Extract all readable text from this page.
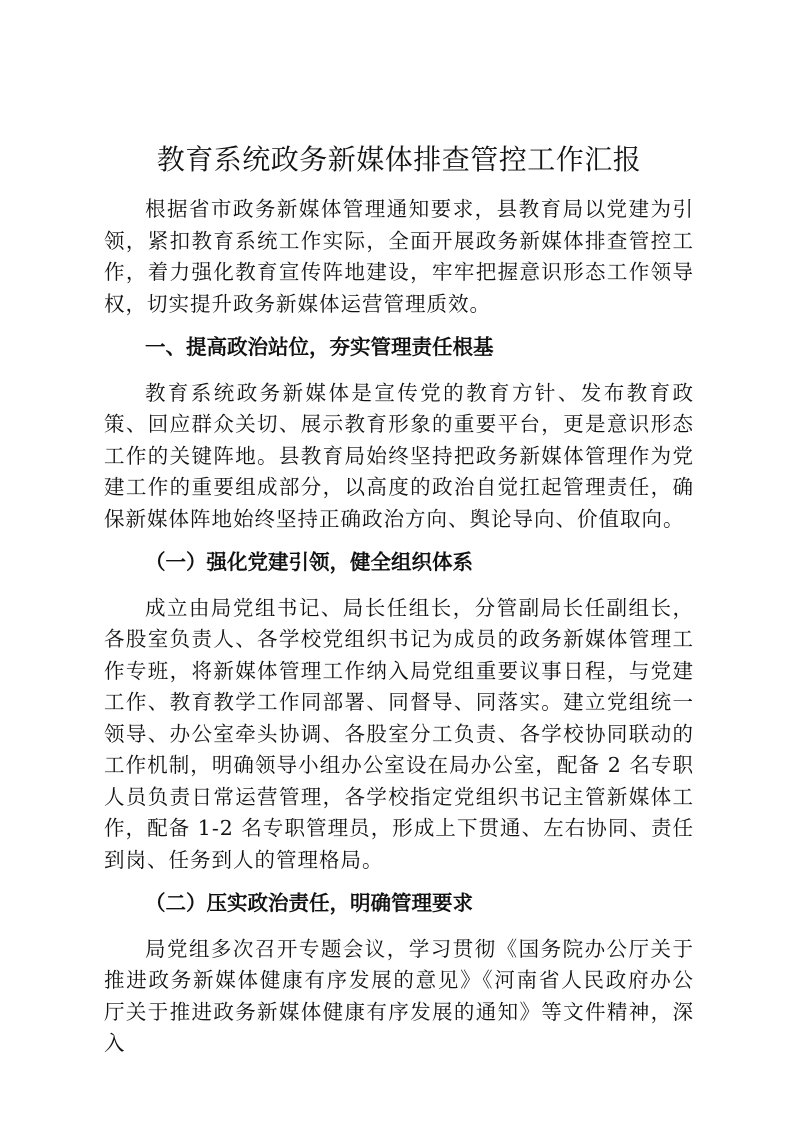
教育系统政务新媒体排查管控工作汇报

根据省市政务新媒体管理通知要求，县教育局以党建为引领，紧扣教育系统工作实际，全面开展政务新媒体排查管控工作，着力强化教育宣传阵地建设，牢牢把握意识形态工作领导权，切实提升政务新媒体运营管理质效。

一、提高政治站位，夯实管理责任根基

教育系统政务新媒体是宣传党的教育方针、发布教育政策、回应群众关切、展示教育形象的重要平台，更是意识形态工作的关键阵地。县教育局始终坚持把政务新媒体管理作为党建工作的重要组成部分，以高度的政治自觉扛起管理责任，确保新媒体阵地始终坚持正确政治方向、舆论导向、价值取向。

（一）强化党建引领，健全组织体系

成立由局党组书记、局长任组长，分管副局长任副组长，各股室负责人、各学校党组织书记为成员的政务新媒体管理工作专班，将新媒体管理工作纳入局党组重要议事日程，与党建工作、教育教学工作同部署、同督导、同落实。建立党组统一领导、办公室牵头协调、各股室分工负责、各学校协同联动的工作机制，明确领导小组办公室设在局办公室，配备 2 名专职人员负责日常运营管理，各学校指定党组织书记主管新媒体工作，配备 1-2 名专职管理员，形成上下贯通、左右协同、责任到岗、任务到人的管理格局。

（二）压实政治责任，明确管理要求

局党组多次召开专题会议，学习贯彻《国务院办公厅关于推进政务新媒体健康有序发展的意见》《河南省人民政府办公厅关于推进政务新媒体健康有序发展的通知》等文件精神，深入
